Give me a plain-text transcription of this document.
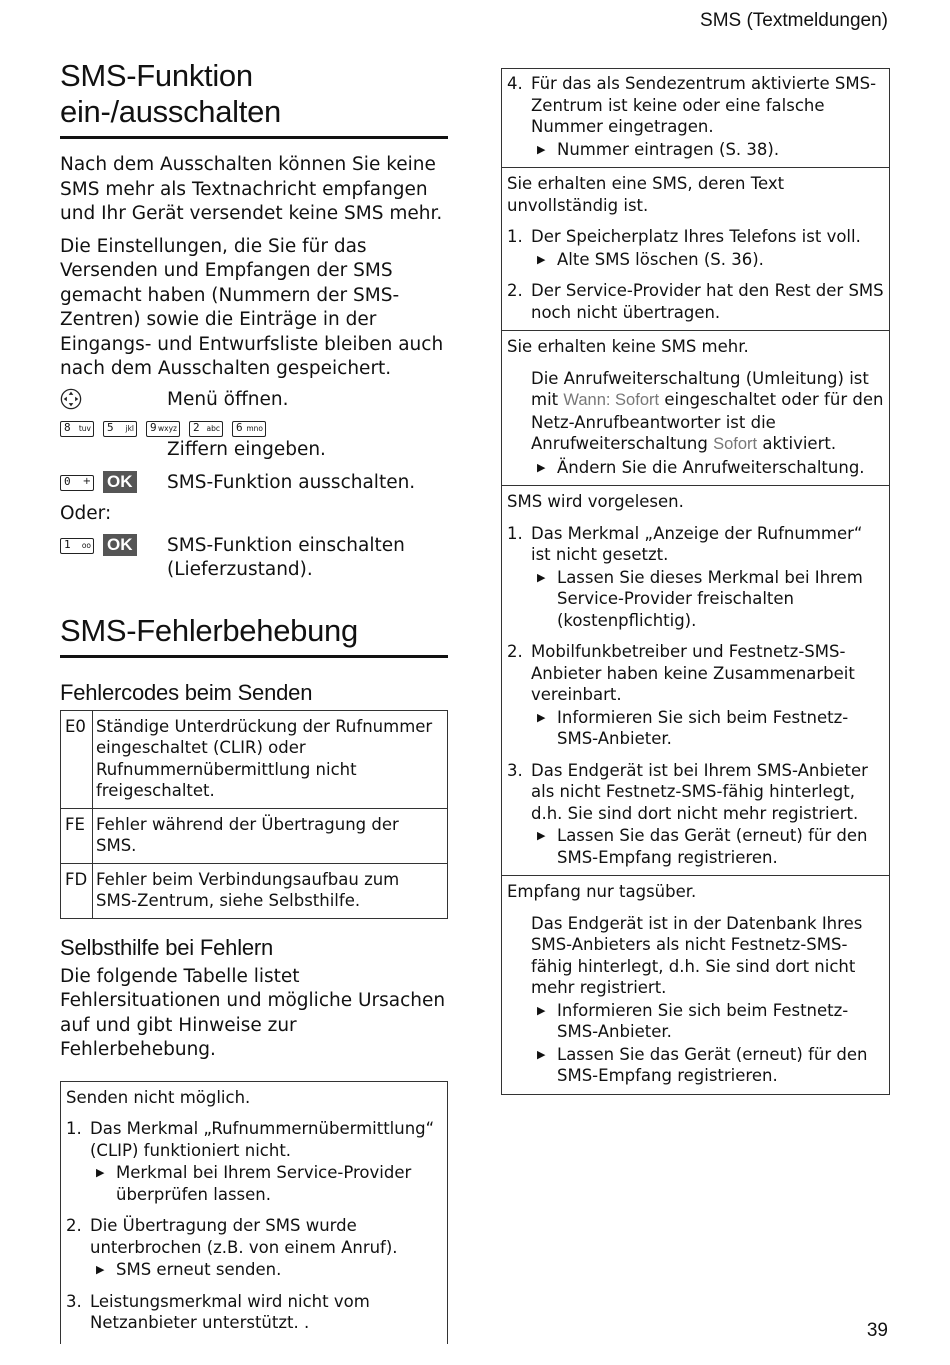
SMS (Textmeldungen)
SMS-Funktion ein-/ausschalten

Nach dem Ausschalten können Sie keine SMS mehr als Textnachricht empfangen und Ihr Gerät versendet keine SMS mehr.

Die Einstellungen, die Sie für das Versenden und Empfangen der SMS gemacht haben (Nummern der SMS-Zentren) sowie die Einträge in der Eingangs- und Entwurfsliste bleiben auch nach dem Ausschalten gespeichert.

Menü öffnen.
8 tuv 5 jkl 9 wxyz 2 abc 6 mno
Ziffern eingeben.
0 + OK SMS-Funktion ausschalten.
Oder:
1 oo OK SMS-Funktion einschalten (Lieferzustand).
SMS-Fehlerbehebung
Fehlercodes beim Senden
E0	Ständige Unterdrückung der Rufnummer eingeschaltet (CLIR) oder Rufnummernübermittlung nicht freigeschaltet.
FE	Fehler während der Übertragung der SMS.
FD	Fehler beim Verbindungsaufbau zum SMS-Zentrum, siehe Selbsthilfe.
Selbsthilfe bei Fehlern

Die folgende Tabelle listet Fehlersituationen und mögliche Ursachen auf und gibt Hinweise zur Fehlerbehebung.

Senden nicht möglich.
1. Das Merkmal „Rufnummernübermittlung“ (CLIP) funktioniert nicht.
▶ Merkmal bei Ihrem Service-Provider überprüfen lassen.
2. Die Übertragung der SMS wurde unterbrochen (z.B. von einem Anruf).
▶ SMS erneut senden.
3. Leistungsmerkmal wird nicht vom Netzanbieter unterstützt. .
4. Für das als Sendezentrum aktivierte SMS-Zentrum ist keine oder eine falsche Nummer eingetragen.
▶ Nummer eintragen (S. 38).
Sie erhalten eine SMS, deren Text unvollständig ist.
1. Der Speicherplatz Ihres Telefons ist voll.
▶ Alte SMS löschen (S. 36).
2. Der Service-Provider hat den Rest der SMS noch nicht übertragen.
Sie erhalten keine SMS mehr.
Die Anrufweiterschaltung (Umleitung) ist mit Wann: Sofort eingeschaltet oder für den Netz-Anrufbeantworter ist die Anrufweiterschaltung Sofort aktiviert.
▶ Ändern Sie die Anrufweiterschaltung.
SMS wird vorgelesen.
1. Das Merkmal „Anzeige der Rufnummer“ ist nicht gesetzt.
▶ Lassen Sie dieses Merkmal bei Ihrem Service-Provider freischalten (kostenpflichtig).
2. Mobilfunkbetreiber und Festnetz-SMS-Anbieter haben keine Zusammenarbeit vereinbart.
▶ Informieren Sie sich beim Festnetz-SMS-Anbieter.
3. Das Endgerät ist bei Ihrem SMS-Anbieter als nicht Festnetz-SMS-fähig hinterlegt, d.h. Sie sind dort nicht mehr registriert.
▶ Lassen Sie das Gerät (erneut) für den SMS-Empfang registrieren.
Empfang nur tagsüber.
Das Endgerät ist in der Datenbank Ihres SMS-Anbieters als nicht Festnetz-SMS-fähig hinterlegt, d.h. Sie sind dort nicht mehr registriert.
▶ Informieren Sie sich beim Festnetz-SMS-Anbieter.
▶ Lassen Sie das Gerät (erneut) für den SMS-Empfang registrieren.
39
